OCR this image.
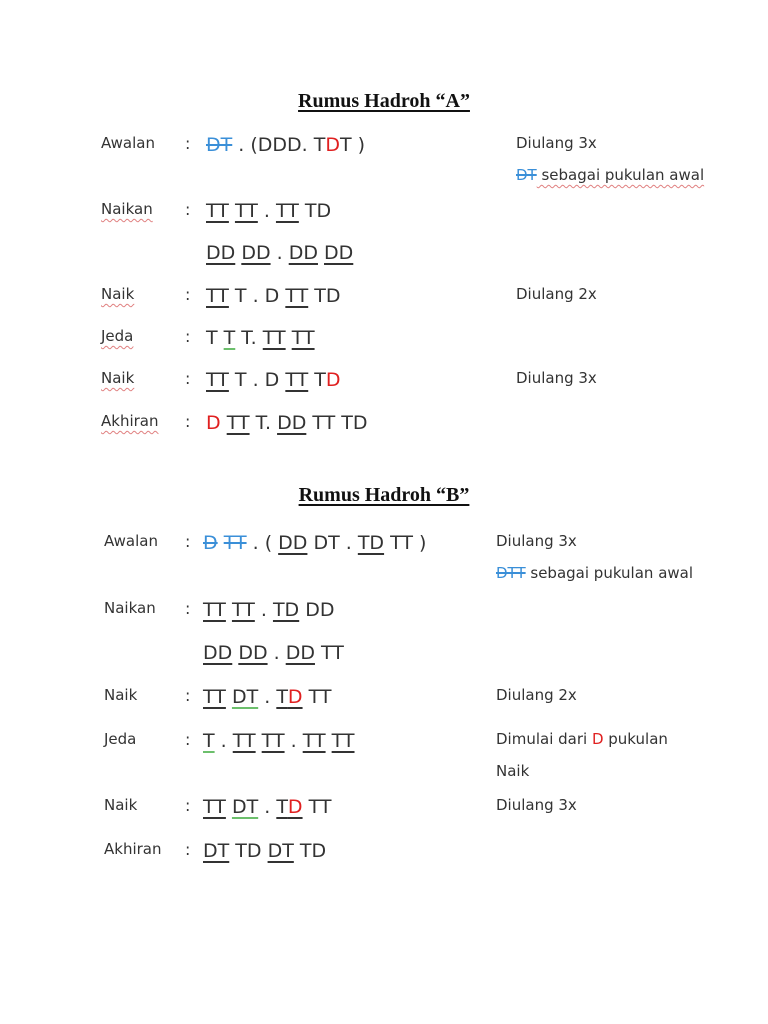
Rumus Hadroh “A”
Awalan : DT . (DDD. TDT )	Diulang 3x
DT sebagai pukulan awal
Naikan : TT TT . TT TD
DD DD . DD DD
Naik	: TT T . D TT TD	Diulang 2x
Jeda	: T T T. TT TT
Naik	: TT T . D TT TD	Diulang 3x
Akhiran : D TT T. DD TT TD
Rumus Hadroh “B”
Awalan : D TT . ( DD DT . TD TT )	Diulang 3x
DTT sebagai pukulan awal
Naikan : TT TT . TD DD
DD DD . DD TT
Naik	: TT DT . TD TT	Diulang 2x
Jeda	: T . TT TT . TT TT	Dimulai dari D pukulan
Naik
Naik	: TT DT . TD TT	Diulang 3x
Akhiran : DT TD DT TD
